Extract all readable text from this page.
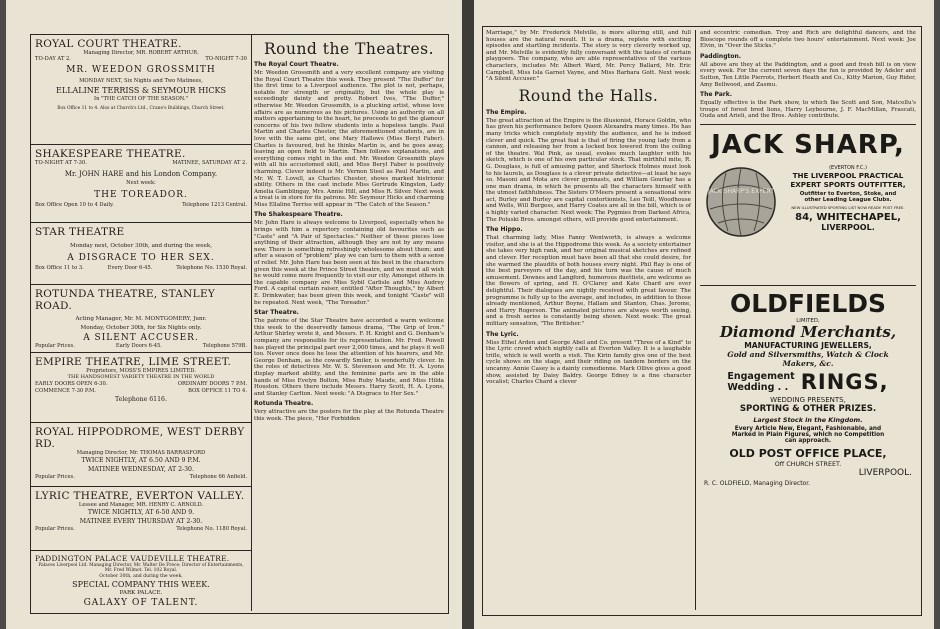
ROYAL COURT THEATRE.
Managing Director, MR. ROBERT ARTHUR.
TO-DAY AT 2.	TO-NIGHT 7-30
MR. WEEDON GROSSMITH
MONDAY NEXT, Six Nights and Two Matinees,
ELLALINE TERRISS & SEYMOUR HICKS
In "THE CATCH OF THE SEASON."
Box Office 11 to 4. Also at Church's Ltd., Crane's Buildings, Church Street.
SHAKESPEARE THEATRE.
TO-NIGHT AT 7-30.	MATINEE, SATURDAY AT 2.
Mr. JOHN HARE and his London Company.
Next week:
THE TOREADOR.
Box Office Open 10 to 4 Daily.	Telephone 1213 Central.
STAR THEATRE
Monday next, October 30th, and during the week,
A DISGRACE TO HER SEX.
Box Office 11 to 3.	Every Door 6-45.	Telephone No. 1530 Royal.
ROTUNDA THEATRE, STANLEY ROAD.
Acting Manager, Mr. M. MONTGOMERY, Junr.
Monday, October 30th, for Six Nights only.
A SILENT ACCUSER.
Popular Prices.	Early Doors 6-45.	Telephone 579B.
EMPIRE THEATRE, LIME STREET.
Proprietors, MOSS'S EMPIRES LIMITED.
THE HANDSOMEST VARIETY THEATRE IN THE WORLD
EARLY DOORS OPEN 6-30.	ORDINARY DOORS 7 P.M.
COMMENCE 7-30 P.M.	BOX OFFICE 11 TO 4.
Telephone 6116.
ROYAL HIPPODROME, WEST DERBY RD.
Managing Director, Mr. THOMAS BARRASFORD
TWICE NIGHTLY, AT 6.50 AND 9 P.M.
MATINEE WEDNESDAY, AT 2-30.
Popular Prices.	Telephone 66 Anfield.
LYRIC THEATRE, EVERTON VALLEY.
Lessee and Manager, MR. HENRY C. ARNOLD.
TWICE NIGHTLY, AT 6-50 AND 9.
MATINEE EVERY THURSDAY AT 2-30.
Popular Prices.	Telephone No. 1180 Royal.
PADDINGTON PALACE VAUDEVILLE THEATRE.
Palaces Liverpool Ltd. Managing Director, Mr. Walter De Frece; Director of Entertainments, Mr. Fred Wilmot. Tel. 102 Royal.
October 30th, and during the week,
SPECIAL COMPANY THIS WEEK.
PARK PALACE.
GALAXY OF TALENT.
Round the Theatres.
The Royal Court Theatre.

Mr. Weedon Grossmith and a very excellent company are visiting the Royal Court Theatre this week. They present "The Duffer" for the first time to a Liverpool audience. The plot is not, perhaps, notable for strength or originality, but the whole play is exceedingly dainty and pretty. Robert Ives, "The Duffer," otherwise Mr. Weedon Grossmith, is a plucking artist, whose love affairs are as numerous as his pictures. Using an authority on all matters appertaining to the heart, he proceeds to get the glamour concerns of his two fellow students into a hopeless tangle. Paul Martin and Charles Chester, the aforementioned students, are in love with the same girl, one Mary Hallows (Miss Beryl Faber). Charles is favoured, but he thinks Martin is, and he goes away, leaving an open field to Martin. Then follows explanations, and everything comes right in the end. Mr. Weedon Grossmith plays with all his accustomed skill, and Miss Beryl Faber is positively charming. Clever indeed is Mr. Vernon Steel as Paul Martin, and Mr. W. T. Lovell, as Charles Chester, shows marked histrionic ability. Others in the cast include Miss Gertrude Kingston, Lady Amelia Gamblingay, Mrs. Annie Hill, and Miss R. Silver. Next week a treat is in store for its patrons. Mr. Seymour Hicks and charming Miss Ellaline Terriss will appear in "The Catch of the Season."

The Shakespeare Theatre.

Mr. John Hare is always welcome to Liverpool, especially when he brings with him a repertory containing old favourites such as "Caste" and "A Pair of Spectacles." Neither of these pieces lose anything of their attraction, although they are not by any means new. There is something refreshingly wholesome about them; and after a season of "problem" play we can turn to them with a sense of relief. Mr. John Hare has been seen at his best in the characters given this week at the Prince Street theatre, and we must all wish he would come more frequently to visit our city. Amongst others in the capable company are Miss Sybil Carlisle and Miss Audrey Ford. A capital curtain raiser, entitled "After Thoughts," by Albert E. Drinkwater, has been given this week, and tonight "Caste" will be repeated. Next week, "The Toreador."

Star Theatre.

The patrons of the Star Theatre have accorded a warm welcome this week to the deservedly famous drama, "The Grip of Iron." Arthur Shirley wrote it, and Messrs. F. H. Knight and G. Denham's company are responsible for its representation. Mr. Fred. Powell has played the principal part over 2,000 times, and he plays it well too. Never once does he lose the attention of his hearers, and Mr. George Denham, as the cowardly Smiler, is wonderfully clever. In the roles of detectives Mr. W. S. Stevenson and Mr. H. A. Lyons display marked ability, and the feminine parts are in the able hands of Miss Evelyn Bolton, Miss Ruby Maude, and Miss Hilda Houston. Others there include Messrs. Harry Scott, H. A. Lyons, and Stanley Carlton. Next week: "A Disgrace to Her Sex."

Rotunda Theatre.

Very attractive are the posters for the play at the Rotunda Theatre this week. The piece, "Her Forbidden

Marriage," by Mr. Frederick Melville, is more alluring still, and full houses are the natural result. It is a drama, replete with exciting episodes and startling incidents. The story is very cleverly worked up, and Mr. Melville is evidently fully conversant with the tastes of certain playgoers. The company, who are able representatives of the various characters, includes Mr. Albert Ward, Mr. Percy Ballard, Mr. Eric Campbell, Miss Isla Garnet Vayne, and Miss Barbara Gott. Next week: "A Silent Accuser."

Round the Halls.
The Empire.

The great attraction at the Empire is the illusionist, Horace Goldin, who has given his performance before Queen Alexandra many times. He has many tricks which completely mystify the audience, and he is indeed clever and quick. The great feat is that of firing the young lady from a cannon, and releasing her from a locked box lowered from the ceiling of the theatre. Wal Pink, as usual, evokes much laughter with his sketch, which is one of his own particular stock. That mirthful mite, R. G. Douglass, is full of amusing patter, and Sherlock Holmes must look to his laurels, as Douglass is a clever private detective—at least he says so. Masoni and Mota are clever gymnasts, and William Gourlay has a one man drama, in which he presents all the characters himself with the utmost faithfulness. The Sisters O'Meers present a sensational wire act, Burley and Burley are capital contortionists, Leo Teill, Woodhouse and Wells, Will Burgess, and Harry Coates are all in the bill, which is of a highly varied character. Next week: The Pygmies from Darkest Africa, The Poluski Bros. amongst others, will provide good entertainment.

The Hippo.

That charming lady, Miss Fanny Wentworth, is always a welcome visitor, and she is at the Hippodrome this week. As a society entertainer she takes very high rank, and her original musical sketches are refined and clever. Her reception must have been all that she could desire, for she warmed the plaudits of both houses every night. Phil Ray is one of the best purveyors of the day, and his turn was the cause of much amusement. Downes and Langford, humorous duettists, are welcome as the flowers of spring, and H. O'Clarey and Kate Chard are ever delightful. Their dialogues are nightly received with great favour. The programme is fully up to the average, and includes, in addition to those already mentioned, Arthur Boyne, Hallam and Stanton, Chas. Jerome, and Harry Rogerson. The animated pictures are always worth seeing, and a fresh series is constantly being shown. Next week: The great military sensation, "The Britisher."

The Lyric.

Miss Ethel Arden and George Abel and Co. present "Three of a Kind" to the Lyric crowd which nightly calls at Everton Valley. It is a laughable trifle, which is well worth a visit. The Kirin family give one of the best cycle shows on the stage, and their riding on tandem borders on the uncanny. Annie Casey is a dainty comedienne. Mark Ollive gives a good show, assisted by Daisy Baldry. George Edney is a fine character vocalist; Charles Chard a clever

and eccentric comedian. Troy and Rich are delightful dancers, and the Bioscope rounds off a complete two hours' entertainment. Next week: Joe Elvin, in "Over the Sticks."

Paddington.

All above are they at the Paddington, and a good and fresh bill is on view every week. For the current seven days the fun is provided by Adeler and Sutton, Ten Little Pierrots, Herbert Heath and Co., Kitty Marion, Guy Rider, Amy Bellwood, and Zasmu.

The Park.

Equally effective is the Park show, to which Ike Scott and Son, Matcellu's troupe of forest bred lions, Harry Leybourne, J. F. MacMillan, Frascati, Ouda and Arieli, and the Bros. Ashley contribute.

JACK SHARP,
JACK SHARP'S EXPERT
(EVERTON F.C.)
THE LIVERPOOL PRACTICAL
EXPERT SPORTS OUTFITTER,
Outfitter to Everton, Stoke, and
other Leading League Clubs.
NEW ILLUSTRATED SPORTING LIST NOW READY. POST FREE.
84, WHITECHAPEL,
LIVERPOOL.
OLDFIELDS
LIMITED,
Diamond Merchants,
MANUFACTURING JEWELLERS,
Gold and Silversmiths, Watch & Clock
Makers, &c.
Engagement
Wedding . . RINGS,
WEDDING PRESENTS,
SPORTING & OTHER PRIZES.
Largest Stock in the Kingdom.
Every Article New, Elegant, Fashionable, and
Marked in Plain Figures, which no Competition
can approach.
OLD POST OFFICE PLACE,
Off CHURCH STREET.
LIVERPOOL.
R. C. OLDFIELD, Managing Director.
